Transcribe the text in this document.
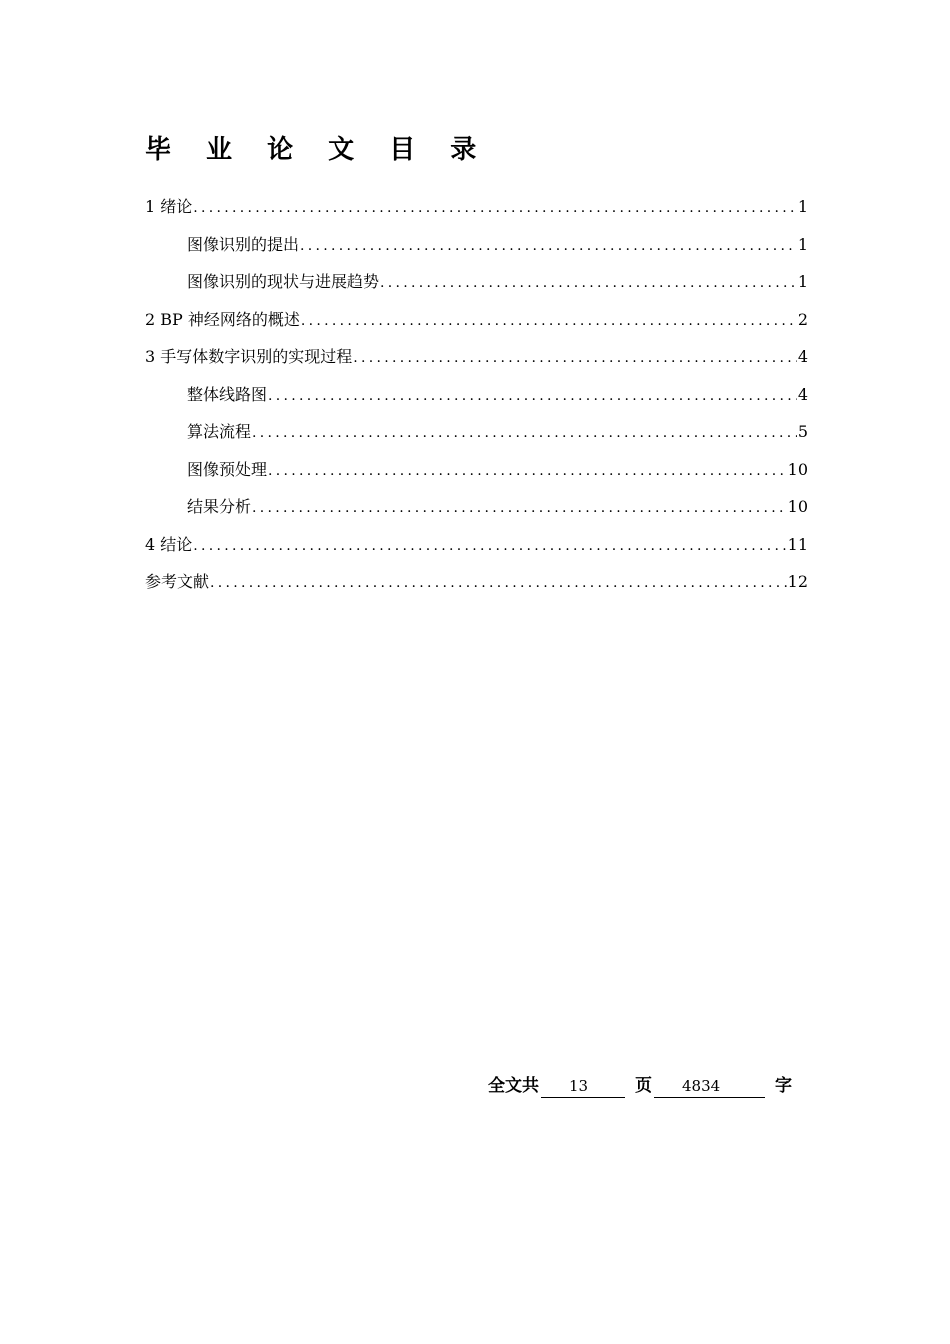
毕 业 论 文 目 录
1 绪论 .....	1
图像识别的提出 .....	1
图像识别的现状与进展趋势 .....	1
2 BP 神经网络的概述 .....	2
3 手写体数字识别的实现过程 .....	4
整体线路图 .....	4
算法流程 .....	5
图像预处理 .....	10
结果分析 .....	10
4 结论 .....	11
参考文献 .....	12
全文共	13	页	4834	字
